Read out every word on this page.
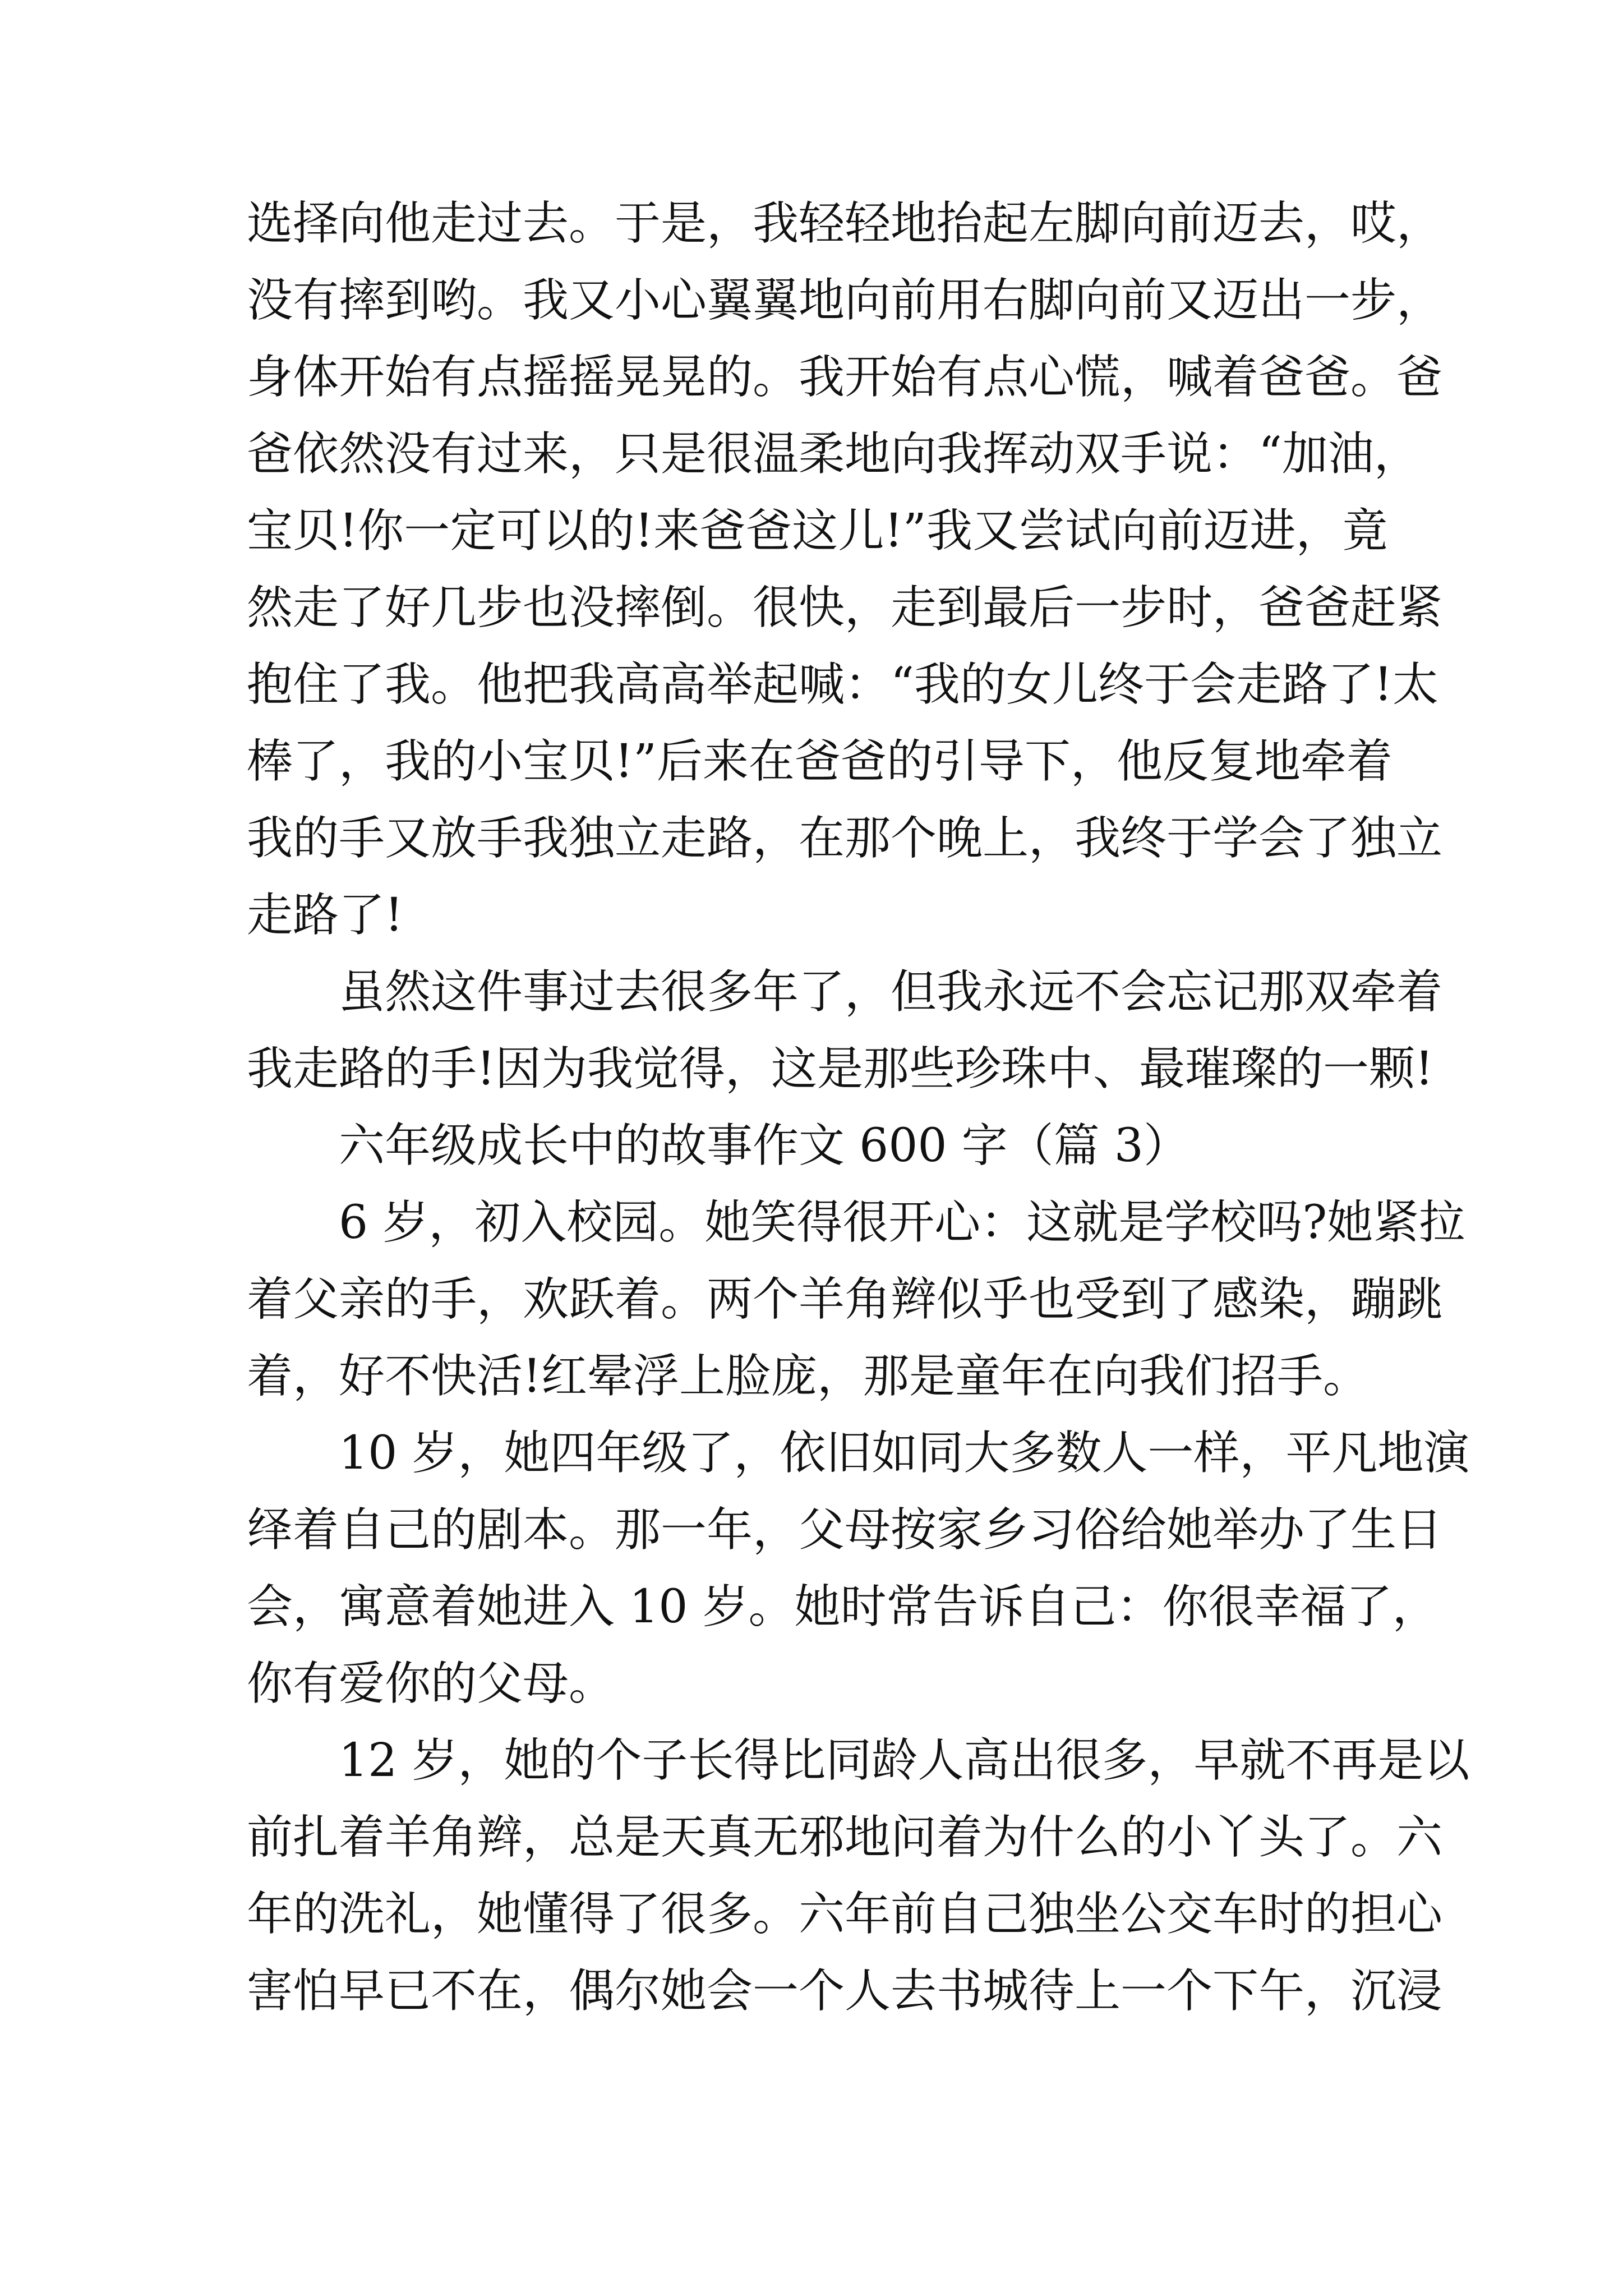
选择向他走过去。于是，我轻轻地抬起左脚向前迈去，哎，
没有摔到哟。我又小心翼翼地向前用右脚向前又迈出一步，
身体开始有点摇摇晃晃的。我开始有点心慌，喊着爸爸。爸
爸依然没有过来，只是很温柔地向我挥动双手说：“加油，
宝贝!你一定可以的!来爸爸这儿!”我又尝试向前迈进，竟
然走了好几步也没摔倒。很快，走到最后一步时，爸爸赶紧
抱住了我。他把我高高举起喊：“我的女儿终于会走路了!太
棒了，我的小宝贝!”后来在爸爸的引导下，他反复地牵着
我的手又放手我独立走路，在那个晚上，我终于学会了独立
走路了!
虽然这件事过去很多年了，但我永远不会忘记那双牵着
我走路的手!因为我觉得，这是那些珍珠中、最璀璨的一颗!
六年级成长中的故事作文 600 字（篇 3）
6 岁，初入校园。她笑得很开心：这就是学校吗?她紧拉
着父亲的手，欢跃着。两个羊角辫似乎也受到了感染，蹦跳
着，好不快活!红晕浮上脸庞，那是童年在向我们招手。
10 岁，她四年级了，依旧如同大多数人一样，平凡地演
绎着自己的剧本。那一年，父母按家乡习俗给她举办了生日
会，寓意着她进入 10 岁。她时常告诉自己：你很幸福了，
你有爱你的父母。
12 岁，她的个子长得比同龄人高出很多，早就不再是以
前扎着羊角辫，总是天真无邪地问着为什么的小丫头了。六
年的洗礼，她懂得了很多。六年前自己独坐公交车时的担心
害怕早已不在，偶尔她会一个人去书城待上一个下午，沉浸
